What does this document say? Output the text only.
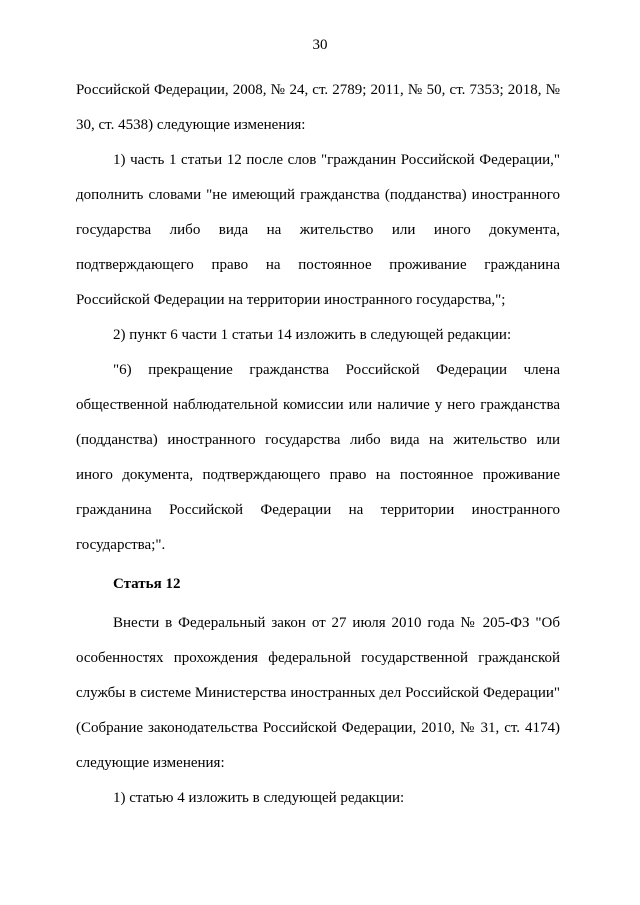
30

Российской Федерации, 2008, № 24, ст. 2789; 2011, № 50, ст. 7353; 2018, № 30, ст. 4538) следующие изменения:

1) часть 1 статьи 12 после слов "гражданин Российской Федерации," дополнить словами "не имеющий гражданства (подданства) иностранного государства либо вида на жительство или иного документа, подтверждающего право на постоянное проживание гражданина Российской Федерации на территории иностранного государства,";

2) пункт 6 части 1 статьи 14 изложить в следующей редакции:

"6) прекращение гражданства Российской Федерации члена общественной наблюдательной комиссии или наличие у него гражданства (подданства) иностранного государства либо вида на жительство или иного документа, подтверждающего право на постоянное проживание гражданина Российской Федерации на территории иностранного государства;".

Статья 12

Внести в Федеральный закон от 27 июля 2010 года № 205-ФЗ "Об особенностях прохождения федеральной государственной гражданской службы в системе Министерства иностранных дел Российской Федерации" (Собрание законодательства Российской Федерации, 2010, № 31, ст. 4174) следующие изменения:

1) статью 4 изложить в следующей редакции:
